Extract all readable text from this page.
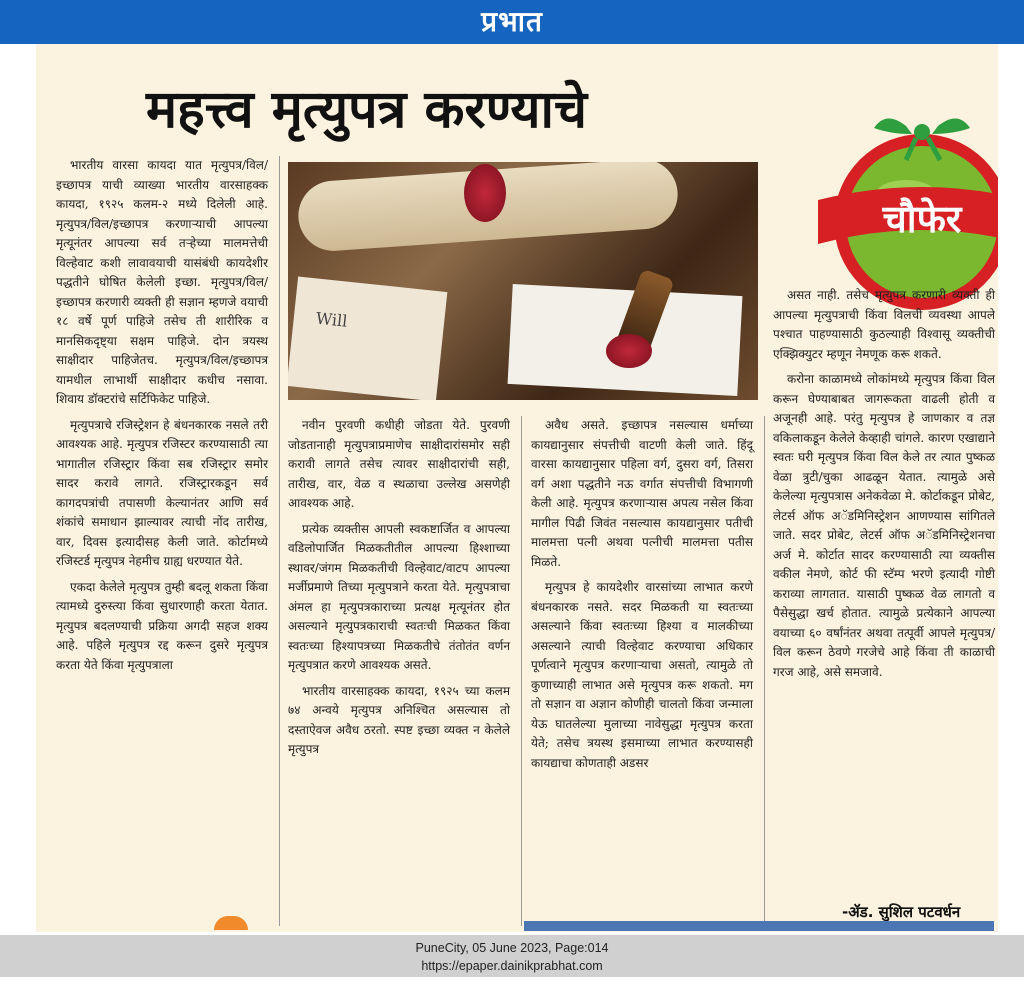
प्रभात
महत्त्व मृत्युपत्र करण्याचे
चौफेर
Will

भारतीय वारसा कायदा यात मृत्युपत्र/विल/इच्छापत्र याची व्याख्या भारतीय वारसाहक्क कायदा, १९२५ कलम-२ मध्ये दिलेली आहे. मृत्युपत्र/विल/इच्छापत्र करणाऱ्याची आपल्या मृत्यूनंतर आपल्या सर्व तऱ्हेच्या मालमत्तेची विल्हेवाट कशी लावावयाची यासंबंधी कायदेशीर पद्धतीने घोषित केलेली इच्छा. मृत्युपत्र/विल/इच्छापत्र करणारी व्यक्ती ही सज्ञान म्हणजे वयाची १८ वर्षे पूर्ण पाहिजे तसेच ती शारीरिक व मानसिकदृष्ट्या सक्षम पाहिजे. दोन त्रयस्थ साक्षीदार पाहिजेतच. मृत्युपत्र/विल/इच्छापत्र यामधील लाभार्थी साक्षीदार कधीच नसावा. शिवाय डॉक्टरांचे सर्टिफिकेट पाहिजे.

मृत्युपत्राचे रजिस्ट्रेशन हे बंधनकारक नसले तरी आवश्यक आहे. मृत्युपत्र रजिस्टर करण्यासाठी त्या भागातील रजिस्ट्रार किंवा सब रजिस्ट्रार समोर सादर करावे लागते. रजिस्ट्रारकडून सर्व कागदपत्रांची तपासणी केल्यानंतर आणि सर्व शंकांचे समाधान झाल्यावर त्याची नोंद तारीख, वार, दिवस इत्यादीसह केली जाते. कोर्टामध्ये रजिस्टर्ड मृत्युपत्र नेहमीच ग्राह्य धरण्यात येते.

एकदा केलेले मृत्युपत्र तुम्ही बदलू शकता किंवा त्यामध्ये दुरुस्त्या किंवा सुधारणाही करता येतात. मृत्युपत्र बदलण्याची प्रक्रिया अगदी सहज शक्य आहे. पहिले मृत्युपत्र रद्द करून दुसरे मृत्युपत्र करता येते किंवा मृत्युपत्राला

नवीन पुरवणी कधीही जोडता येते. पुरवणी जोडतानाही मृत्युपत्राप्रमाणेच साक्षीदारांसमोर सही करावी लागते तसेच त्यावर साक्षीदारांची सही, तारीख, वार, वेळ व स्थळाचा उल्लेख असणेही आवश्यक आहे.

प्रत्येक व्यक्तीस आपली स्वकष्टार्जित व आपल्या वडिलोपार्जित मिळकतीतील आपल्या हिश्शाच्या स्थावर/जंगम मिळकतीची विल्हेवाट/वाटप आपल्या मर्जीप्रमाणे तिच्या मृत्युपत्राने करता येते. मृत्युपत्राचा अंमल हा मृत्युपत्रकाराच्या प्रत्यक्ष मृत्यूनंतर होत असल्याने मृत्युपत्रकाराची स्वतःची मिळकत किंवा स्वतःच्या हिश्यापत्रच्या मिळकतीचे तंतोतंत वर्णन मृत्युपत्रात करणे आवश्यक असते.

भारतीय वारसाहक्क कायदा, १९२५ च्या कलम ७४ अन्वये मृत्युपत्र अनिश्चित असल्यास तो दस्ताऐवज अवैध ठरतो. स्पष्ट इच्छा व्यक्त न केलेले मृत्युपत्र

अवैध असते. इच्छापत्र नसल्यास धर्माच्या कायद्यानुसार संपत्तीची वाटणी केली जाते. हिंदू वारसा कायद्यानुसार पहिला वर्ग, दुसरा वर्ग, तिसरा वर्ग अशा पद्धतीने नऊ वर्गात संपत्तीची विभागणी केली आहे. मृत्युपत्र करणाऱ्यास अपत्य नसेल किंवा मागील पिढी जिवंत नसल्यास कायद्यानुसार पतीची मालमत्ता पत्नी अथवा पत्नीची मालमत्ता पतीस मिळते.

मृत्युपत्र हे कायदेशीर वारसांच्या लाभात करणे बंधनकारक नसते. सदर मिळकती या स्वतःच्या असल्याने किंवा स्वतःच्या हिश्या व मालकीच्या असल्याने त्याची विल्हेवाट करण्याचा अधिकार पूर्णत्वाने मृत्युपत्र करणाऱ्याचा असतो, त्यामुळे तो कुणाच्याही लाभात असे मृत्युपत्र करू शकतो. मग तो सज्ञान वा अज्ञान कोणीही चालतो किंवा जन्माला येऊ घातलेल्या मुलाच्या नावेसुद्धा मृत्युपत्र करता येते; तसेच त्रयस्थ इसमाच्या लाभात करण्यासही कायद्याचा कोणताही अडसर

असत नाही. तसेच मृत्युपत्र करणारी व्यक्ती ही आपल्या मृत्युपत्राची किंवा विलची व्यवस्था आपले पश्चात पाहण्यासाठी कुठल्याही विश्वासू व्यक्तीची एक्झिक्युटर म्हणून नेमणूक करू शकते.

करोना काळामध्ये लोकांमध्ये मृत्युपत्र किंवा विल करून घेण्याबाबत जागरूकता वाढली होती व अजूनही आहे. परंतु मृत्युपत्र हे जाणकार व तज्ञ वकिलाकडून केलेले केव्हाही चांगले. कारण एखाद्याने स्वतः घरी मृत्युपत्र किंवा विल केले तर त्यात पुष्कळ वेळा त्रुटी/चुका आढळून येतात. त्यामुळे असे केलेल्या मृत्युपत्रास अनेकवेळा मे. कोर्टाकडून प्रोबेट, लेटर्स ऑफ अॅडमिनिस्ट्रेशन आणण्यास सांगितले जाते. सदर प्रोबेट, लेटर्स ऑफ अॅडमिनिस्ट्रेशनचा अर्ज मे. कोर्टात सादर करण्यासाठी त्या व्यक्तीस वकील नेमणे, कोर्ट फी स्टॅम्प भरणे इत्यादी गोष्टी कराव्या लागतात. यासाठी पुष्कळ वेळ लागतो व पैसेसुद्धा खर्च होतात. त्यामुळे प्रत्येकाने आपल्या वयाच्या ६० वर्षांनंतर अथवा तत्पूर्वी आपले मृत्युपत्र/विल करून ठेवणे गरजेचे आहे किंवा ती काळाची गरज आहे, असे समजावे.

-ॲड. सुशिल पटवर्धन
PuneCity, 05 June 2023, Page:014
https://epaper.dainikprabhat.com
